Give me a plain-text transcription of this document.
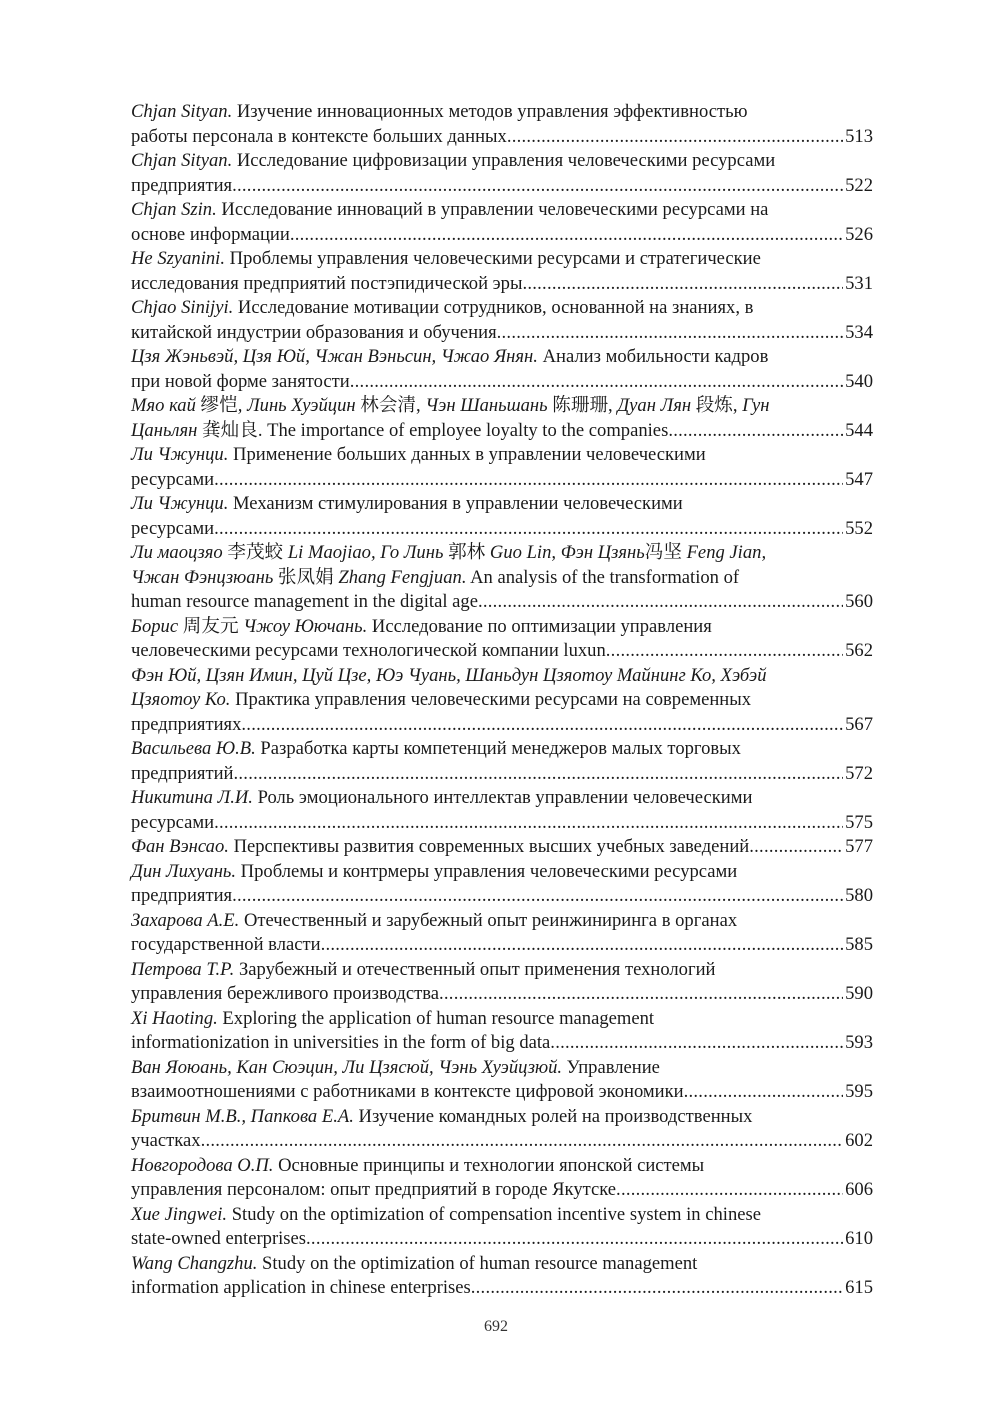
Chjan Sityan. Изучение инновационных методов управления эффективностью
работы персонала в контексте больших данных . . .	513
Chjan Sityan. Исследование цифровизации управления человеческими ресурсами
предприятия . . .	522
Chjan Szin. Исследование инноваций в управлении человеческими ресурсами на
основе информации . . .	526
He Szyanini. Проблемы управления человеческими ресурсами и стратегические
исследования предприятий постэпидической эры . . .	531
Chjao Sinijyi. Исследование мотивации сотрудников, основанной на знаниях, в
китайской индустрии образования и обучения . . .	534
Цзя Жэньвэй, Цзя Юй, Чжан Вэньсин, Чжао Янян. Анализ мобильности кадров
при новой форме занятости . . .	540
Мяо кай 缪恺, Линь Хуэйцин 林会清, Чэн Шаньшань 陈珊珊, Дуан Лян 段炼, Гун
Цаньлян 龚灿良. The importance of employee loyalty to the companies . . .	544
Ли Чжунци. Применение больших данных в управлении человеческими
ресурсами . . .	547
Ли Чжунци. Механизм стимулирования в управлении человеческими
ресурсами . . .	552
Ли маоцзяо 李茂蛟 Li Maojiao, Го Линь 郭林 Guo Lin, Фэн Цзянь冯坚 Feng Jian,
Чжан Фэнцзюань 张凤娟 Zhang Fengjuan. An analysis of the transformation of
human resource management in the digital age . . .	560
Борис 周友元 Чжоу Юючань. Исследование по оптимизации управления
человеческими ресурсами технологической компании luxun . . .	562
Фэн Юй, Цзян Имин, Цуй Цзе, Юэ Чуань, Шаньдун Цзяотоу Майнинг Ко, Хэбэй
Цзяотоу Ко. Практика управления человеческими ресурсами на современных
предприятиях . . .	567
Васильева Ю.В. Разработка карты компетенций менеджеров малых торговых
предприятий . . .	572
Никитина Л.И. Роль эмоционального интеллектав управлении человеческими
ресурсами . . .	575
Фан Вэнсао. Перспективы развития современных высших учебных заведений . . .	577
Дин Лихуань. Проблемы и контрмеры управления человеческими ресурсами
предприятия . . .	580
Захарова А.Е. Отечественный и зарубежный опыт реинжиниринга в органах
государственной власти . . .	585
Петрова Т.Р. Зарубежный и отечественный опыт применения технологий
управления бережливого производства . . .	590
Xi Haoting. Exploring the application of human resource management
informationization in universities in the form of big data . . .	593
Ван Яоюань, Кан Сюэцин, Ли Цзясюй, Чэнь Хуэйцзюй. Управление
взаимоотношениями с работниками в контексте цифровой экономики . . .	595
Бритвин М.В., Папкова Е.А. Изучение командных ролей на производственных
участках . . .	602
Новгородова О.П. Основные принципы и технологии японской системы
управления персоналом: опыт предприятий в городе Якутске . . .	606
Xue Jingwei. Study on the optimization of compensation incentive system in chinese
state-owned enterprises . . .	610
Wang Changzhu. Study on the optimization of human resource management
information application in chinese enterprises . . .	615
692
